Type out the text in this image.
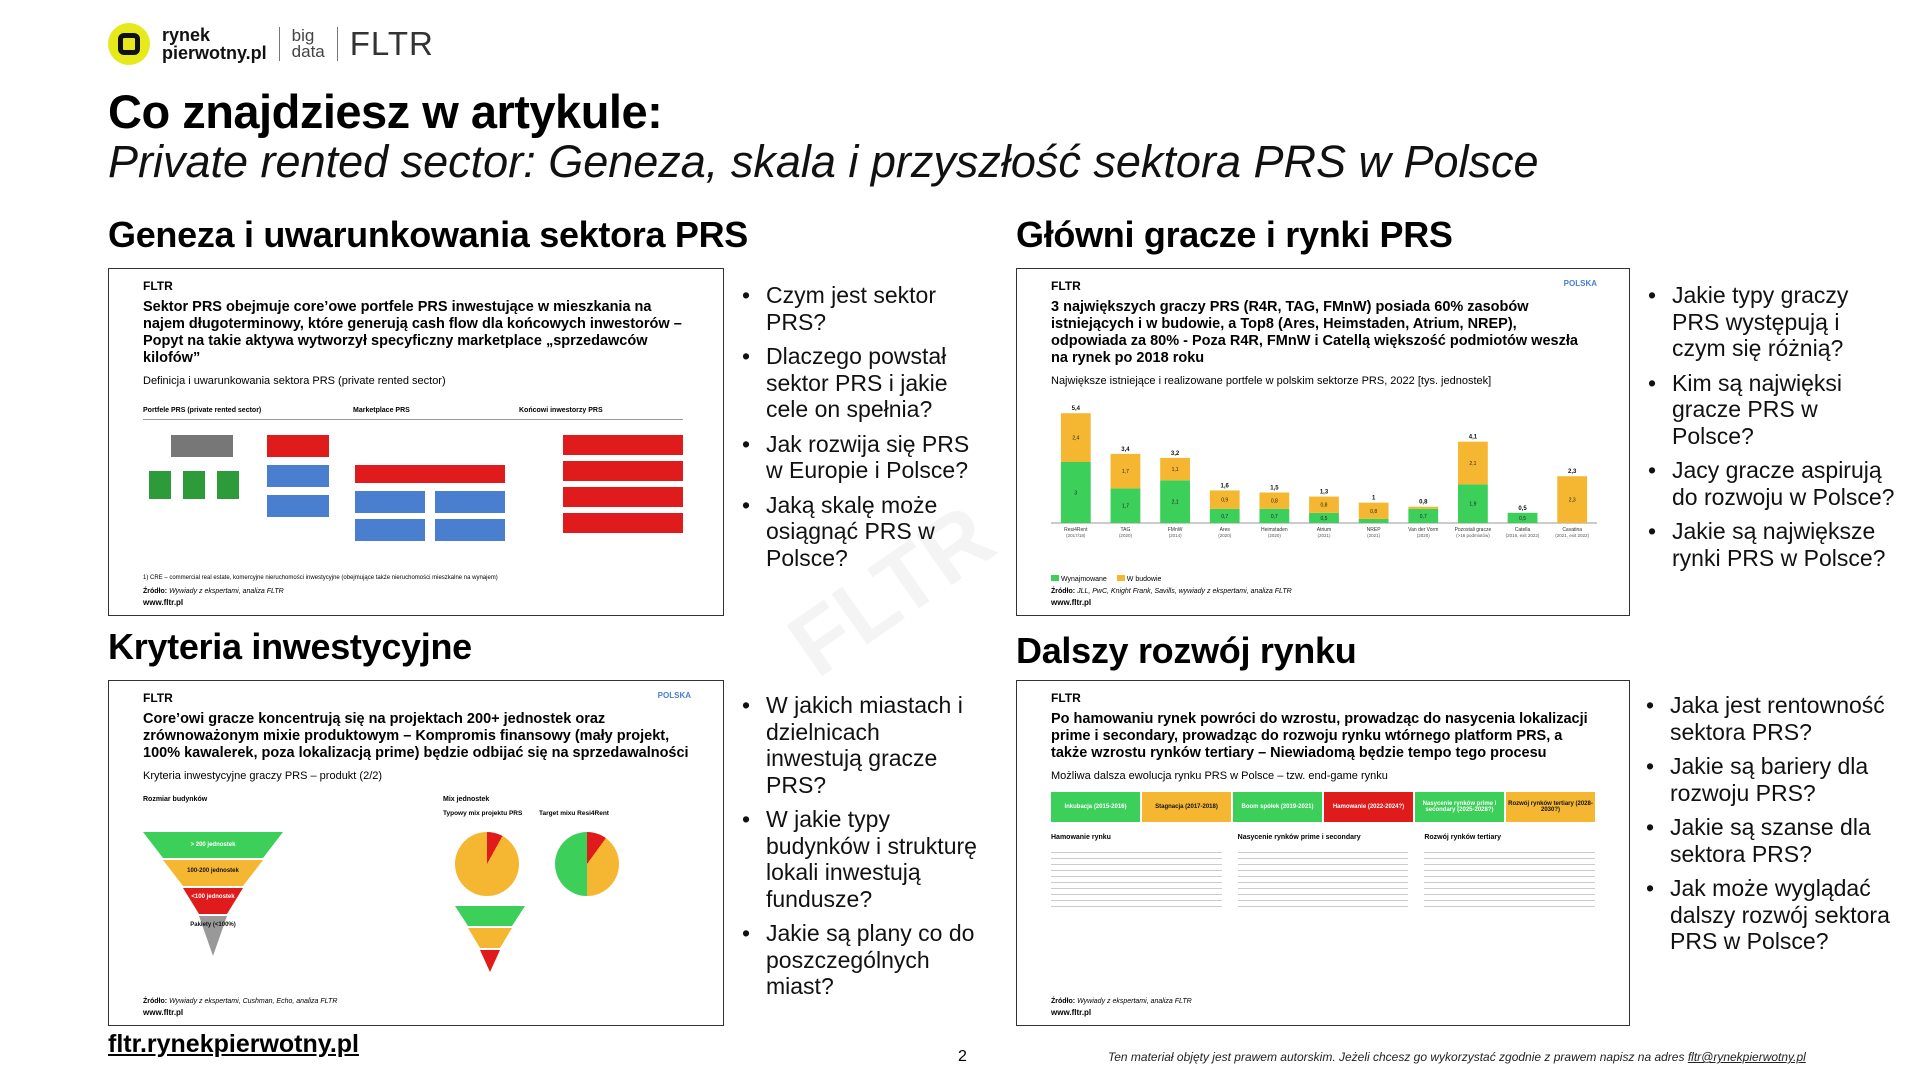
rynek
pierwotny.pl
big
data FLTR
Co znajdziesz w artykule:
Private rented sector: Geneza, skala i przyszłość sektora PRS w Polsce
Geneza i uwarunkowania sektora PRS
FLTR
Sektor PRS obejmuje core’owe portfele PRS inwestujące w mieszkania na najem długoterminowy, które generują cash flow dla końcowych inwestorów – Popyt na takie aktywa wytworzył specyficzny marketplace „sprzedawców kilofów”
Definicja i uwarunkowania sektora PRS (private rented sector)
Portfele PRS (private rented sector)	Marketplace PRS	Końcowi inwestorzy PRS
1) CRE – commercial real estate, komercyjne nieruchomości inwestycyjne (obejmujące także nieruchomości mieszkalne na wynajem)
Źródło: Wywiady z ekspertami, analiza FLTR
www.fltr.pl
• Czym jest sektor PRS?
• Dlaczego powstał sektor PRS i jakie cele on spełnia?
• Jak rozwija się PRS w Europie i Polsce?
• Jaką skalę może osiągnąć PRS w Polsce?
Główni gracze i rynki PRS
FLTR	POLSKA
3 największych graczy PRS (R4R, TAG, FMnW) posiada 60% zasobów istniejących i w budowie, a Top8 (Ares, Heimstaden, Atrium, NREP), odpowiada za 80% - Poza R4R, FMnW i Catellą większość podmiotów weszła na rynek po 2018 roku
Największe istniejące i realizowane portfele w polskim sektorze PRS, 2022 [tys. jednostek]
3
2,4
5,4
Resi4Rent
(2017/18)
1,7
1,7
3,4
TAG
(2020)
2,1
1,1
3,2
FMnW
(2014)
0,7
0,9
1,6
Ares
(2020)
0,7
0,8
1,5
Heimstaden
(2020)
0,5
0,8
1,3
Atrium
(2021)
0,8
1
NREP
(2021)
0,7
0,8
Van der Vorm
(2020)
1,9
2,1
4,1
Pozostali gracze
(>16 podmiotów)
0,5
0,5
Catella
(2016, exit 2022)
2,3
2,3
Cavatina
(2021, exit 2022)
Wynajmowane	W budowie
Źródło: JLL, PwC, Knight Frank, Savills, wywiady z ekspertami, analiza FLTR
www.fltr.pl
• Jakie typy graczy PRS występują i czym się różnią?
• Kim są najwięksi gracze PRS w Polsce?
• Jacy gracze aspirują do rozwoju w Polsce?
• Jakie są największe rynki PRS w Polsce?
Kryteria inwestycyjne
FLTR	POLSKA
Core’owi gracze koncentrują się na projektach 200+ jednostek oraz zrównoważonym mixie produktowym – Kompromis finansowy (mały projekt, 100% kawalerek, poza lokalizacją prime) będzie odbijać się na sprzedawalności
Kryteria inwestycyjne graczy PRS – produkt (2/2)
Rozmiar budynków	Mix jednostek
> 200 jednostek
100-200 jednostek
<100 jednostek
Pakiety (<100%)
Typowy mix projektu PRS	Target mixu Resi4Rent
Źródło: Wywiady z ekspertami, Cushman, Echo, analiza FLTR
www.fltr.pl
• W jakich miastach i dzielnicach inwestują gracze PRS?
• W jakie typy budynków i strukturę lokali inwestują fundusze?
• Jakie są plany co do poszczególnych miast?
Dalszy rozwój rynku
FLTR
Po hamowaniu rynek powróci do wzrostu, prowadząc do nasycenia lokalizacji prime i secondary, prowadząc do rozwoju rynku wtórnego platform PRS, a także wzrostu rynków tertiary – Niewiadomą będzie tempo tego procesu
Możliwa dalsza ewolucja rynku PRS w Polsce – tzw. end-game rynku
Inkubacja (2015-2016)	Stagnacja (2017-2018)	Boom spółek (2019-2021)	Hamowanie (2022-2024?)	Nasycenie rynków prime i secondary (2025-2028?)
Rozwój rynków tertiary (2028-2030?)
Hamowanie rynku	Nasycenie rynków prime i secondary	Rozwój rynków tertiary
Źródło: Wywiady z ekspertami, analiza FLTR
www.fltr.pl
• Jaka jest rentowność sektora PRS?
• Jakie są bariery dla rozwoju PRS?
• Jakie są szanse dla sektora PRS?
• Jak może wyglądać dalszy rozwój sektora PRS w Polsce?
fltr.rynekpierwotny.pl	2	Ten materiał objęty jest prawem autorskim. Jeżeli chcesz go wykorzystać zgodnie z prawem napisz na adres fltr@rynekpierwotny.pl
